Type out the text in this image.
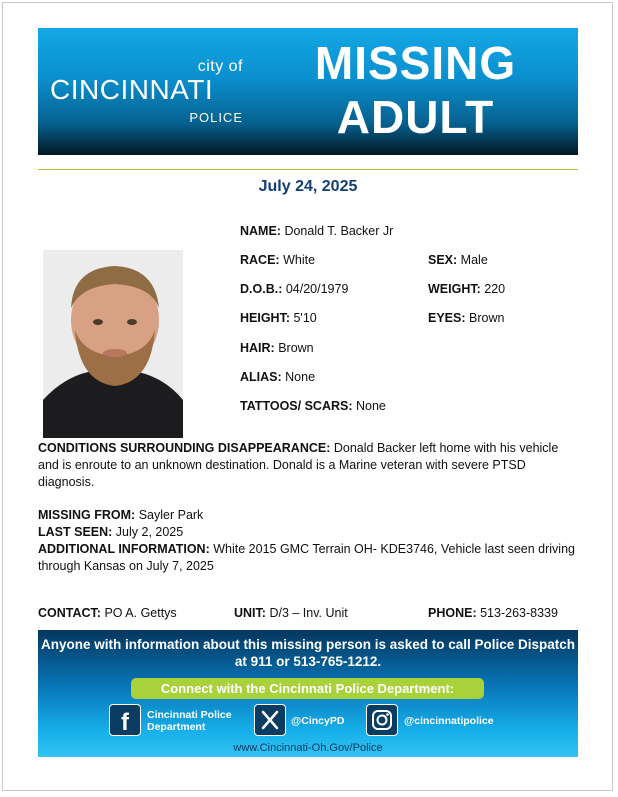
city of
CINCINNATI
POLICE
MISSING
ADULT
July 24, 2025
NAME: Donald T. Backer Jr
RACE: White	SEX: Male
D.O.B.: 04/20/1979	WEIGHT: 220
HEIGHT: 5'10	EYES: Brown
HAIR: Brown
ALIAS: None
TATTOOS/ SCARS: None
CONDITIONS SURROUNDING DISAPPEARANCE: Donald Backer left home with his vehicle and is enroute to an unknown destination. Donald is a Marine veteran with severe PTSD diagnosis.
MISSING FROM: Sayler Park
LAST SEEN: July 2, 2025
ADDITIONAL INFORMATION: White 2015 GMC Terrain OH- KDE3746, Vehicle last seen driving through Kansas on July 7, 2025
CONTACT: PO A. Gettys	UNIT: D/3 – Inv. Unit	PHONE: 513-263-8339
Anyone with information about this missing person is asked to call Police Dispatch at 911 or 513-765-1212.
Connect with the Cincinnati Police Department:
f Cincinnati Police
Department	@CincyPD	@cincinnatipolice
www.Cincinnati-Oh.Gov/Police
